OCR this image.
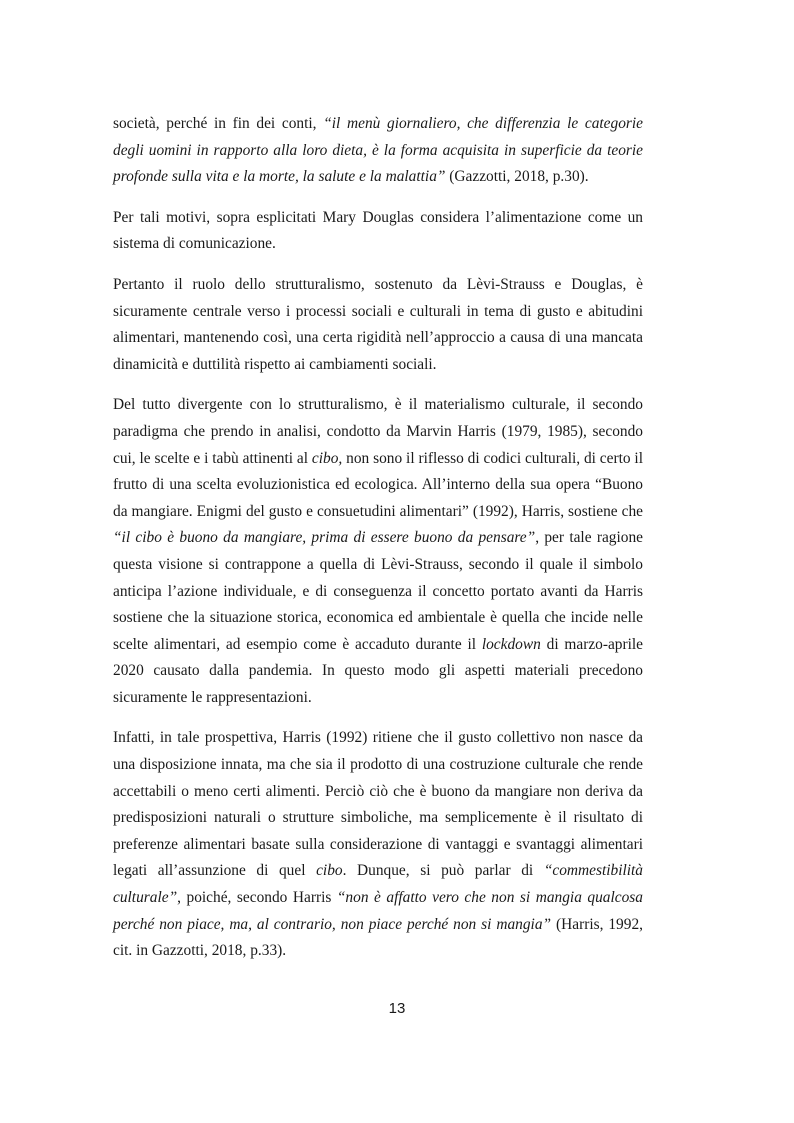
società, perché in fin dei conti, “il menù giornaliero, che differenzia le categorie degli uomini in rapporto alla loro dieta, è la forma acquisita in superficie da teorie profonde sulla vita e la morte, la salute e la malattia” (Gazzotti, 2018, p.30).

Per tali motivi, sopra esplicitati Mary Douglas considera l’alimentazione come un sistema di comunicazione.

Pertanto il ruolo dello strutturalismo, sostenuto da Lèvi-Strauss e Douglas, è sicuramente centrale verso i processi sociali e culturali in tema di gusto e abitudini alimentari, mantenendo così, una certa rigidità nell’approccio a causa di una mancata dinamicità e duttilità rispetto ai cambiamenti sociali.

Del tutto divergente con lo strutturalismo, è il materialismo culturale, il secondo paradigma che prendo in analisi, condotto da Marvin Harris (1979, 1985), secondo cui, le scelte e i tabù attinenti al cibo, non sono il riflesso di codici culturali, di certo il frutto di una scelta evoluzionistica ed ecologica. All’interno della sua opera “Buono da mangiare. Enigmi del gusto e consuetudini alimentari” (1992), Harris, sostiene che “il cibo è buono da mangiare, prima di essere buono da pensare”, per tale ragione questa visione si contrappone a quella di Lèvi-Strauss, secondo il quale il simbolo anticipa l’azione individuale, e di conseguenza il concetto portato avanti da Harris sostiene che la situazione storica, economica ed ambientale è quella che incide nelle scelte alimentari, ad esempio come è accaduto durante il lockdown di marzo-aprile 2020 causato dalla pandemia. In questo modo gli aspetti materiali precedono sicuramente le rappresentazioni.

Infatti, in tale prospettiva, Harris (1992) ritiene che il gusto collettivo non nasce da una disposizione innata, ma che sia il prodotto di una costruzione culturale che rende accettabili o meno certi alimenti. Perciò ciò che è buono da mangiare non deriva da predisposizioni naturali o strutture simboliche, ma semplicemente è il risultato di preferenze alimentari basate sulla considerazione di vantaggi e svantaggi alimentari legati all’assunzione di quel cibo. Dunque, si può parlar di “commestibilità culturale”, poiché, secondo Harris “non è affatto vero che non si mangia qualcosa perché non piace, ma, al contrario, non piace perché non si mangia” (Harris, 1992, cit. in Gazzotti, 2018, p.33).

13
